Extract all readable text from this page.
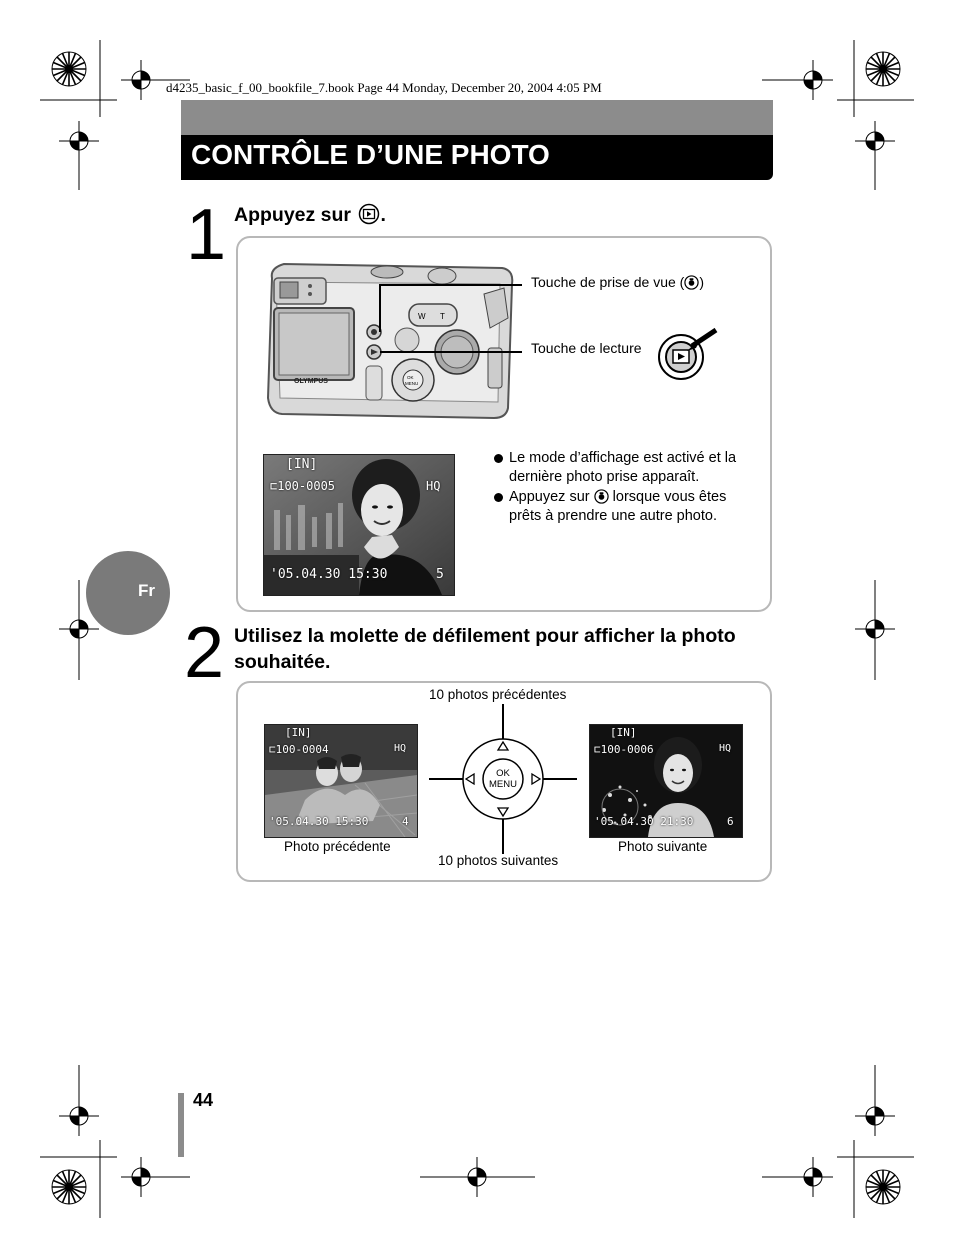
d4235_basic_f_00_bookfile_7.book Page 44 Monday, December 20, 2004 4:05 PM
CONTRÔLE D’UNE PHOTO
Fr
1 Appuyez sur .
OLYMPUS
W T
OK
MENU
Touche de prise de vue ( )
Touche de lecture
[IN]
⊏100-0005	HQ
'05.04.30 15:30	5
Le mode d’affichage est activé et la dernière photo prise apparaît.
Appuyez sur lorsque vous êtes prêts à prendre une autre photo.
2 Utilisez la molette de défilement pour afficher la photo souhaitée.
10 photos précédentes
10 photos suivantes
Photo précédente	Photo suivante
OK
MENU
[IN]
⊏100-0004	HQ
'05.04.30 15:30	4
[IN]
⊏100-0006	HQ
'05.04.30 21:30	6
44
